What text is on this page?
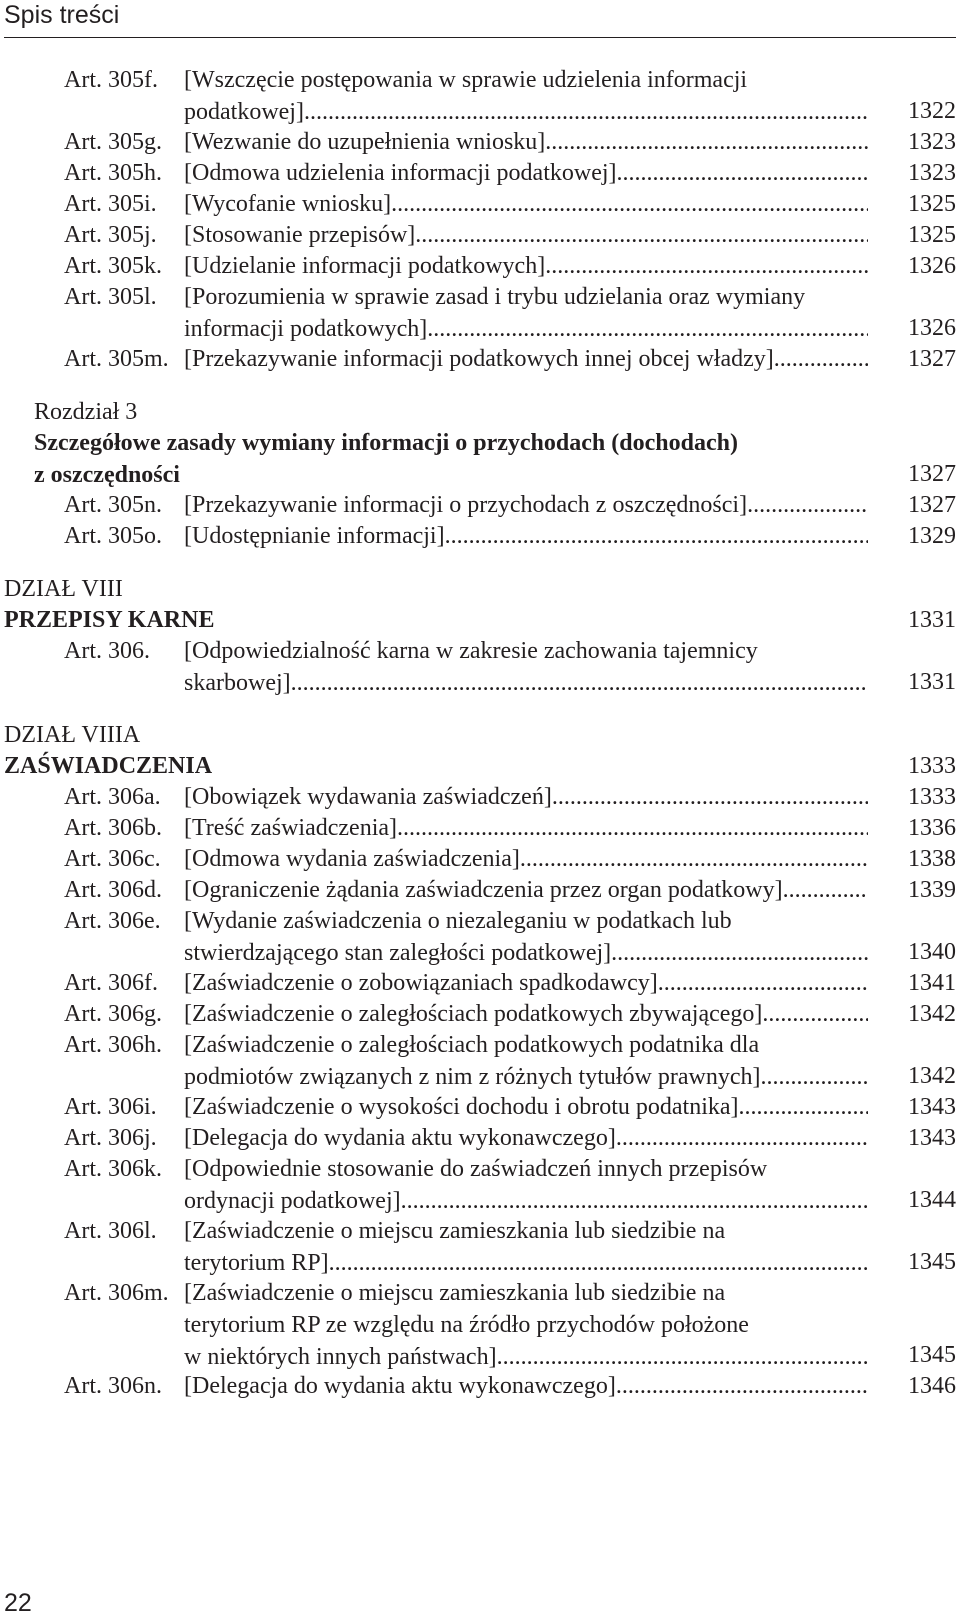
Spis treści
Art. 305f. [Wszczęcie postępowania w sprawie udzielenia informacji
podatkowej] .....	1322
Art. 305g. [Wezwanie do uzupełnienia wniosku] .....	1323
Art. 305h. [Odmowa udzielenia informacji podatkowej] .....	1323
Art. 305i. [Wycofanie wniosku] .....	1325
Art. 305j. [Stosowanie przepisów] .....	1325
Art. 305k. [Udzielanie informacji podatkowych] .....	1326
Art. 305l. [Porozumienia w sprawie zasad i trybu udzielania oraz wymiany
informacji podatkowych] .....	1326
Art. 305m. [Przekazywanie informacji podatkowych innej obcej władzy] .....	1327
Rozdział 3
Szczegółowe zasady wymiany informacji o przychodach (dochodach)
z oszczędności	1327
Art. 305n. [Przekazywanie informacji o przychodach z oszczędności] .....	1327
Art. 305o. [Udostępnianie informacji] .....	1329
DZIAŁ VIII
PRZEPISY KARNE	1331
Art. 306. [Odpowiedzialność karna w zakresie zachowania tajemnicy
skarbowej] .....	1331
DZIAŁ VIIIA
ZAŚWIADCZENIA	1333
Art. 306a. [Obowiązek wydawania zaświadczeń] .....	1333
Art. 306b. [Treść zaświadczenia] .....	1336
Art. 306c. [Odmowa wydania zaświadczenia] .....	1338
Art. 306d. [Ograniczenie żądania zaświadczenia przez organ podatkowy] .....	1339
Art. 306e. [Wydanie zaświadczenia o niezaleganiu w podatkach lub
stwierdzającego stan zaległości podatkowej] .....	1340
Art. 306f. [Zaświadczenie o zobowiązaniach spadkodawcy] .....	1341
Art. 306g. [Zaświadczenie o zaległościach podatkowych zbywającego] .....	1342
Art. 306h. [Zaświadczenie o zaległościach podatkowych podatnika dla
podmiotów związanych z nim z różnych tytułów prawnych] .....	1342
Art. 306i. [Zaświadczenie o wysokości dochodu i obrotu podatnika] .....	1343
Art. 306j. [Delegacja do wydania aktu wykonawczego] .....	1343
Art. 306k. [Odpowiednie stosowanie do zaświadczeń innych przepisów
ordynacji podatkowej] .....	1344
Art. 306l. [Zaświadczenie o miejscu zamieszkania lub siedzibie na
terytorium RP] .....	1345
Art. 306m. [Zaświadczenie o miejscu zamieszkania lub siedzibie na
terytorium RP ze względu na źródło przychodów położone
w niektórych innych państwach] .....	1345
Art. 306n. [Delegacja do wydania aktu wykonawczego] .....	1346
22
